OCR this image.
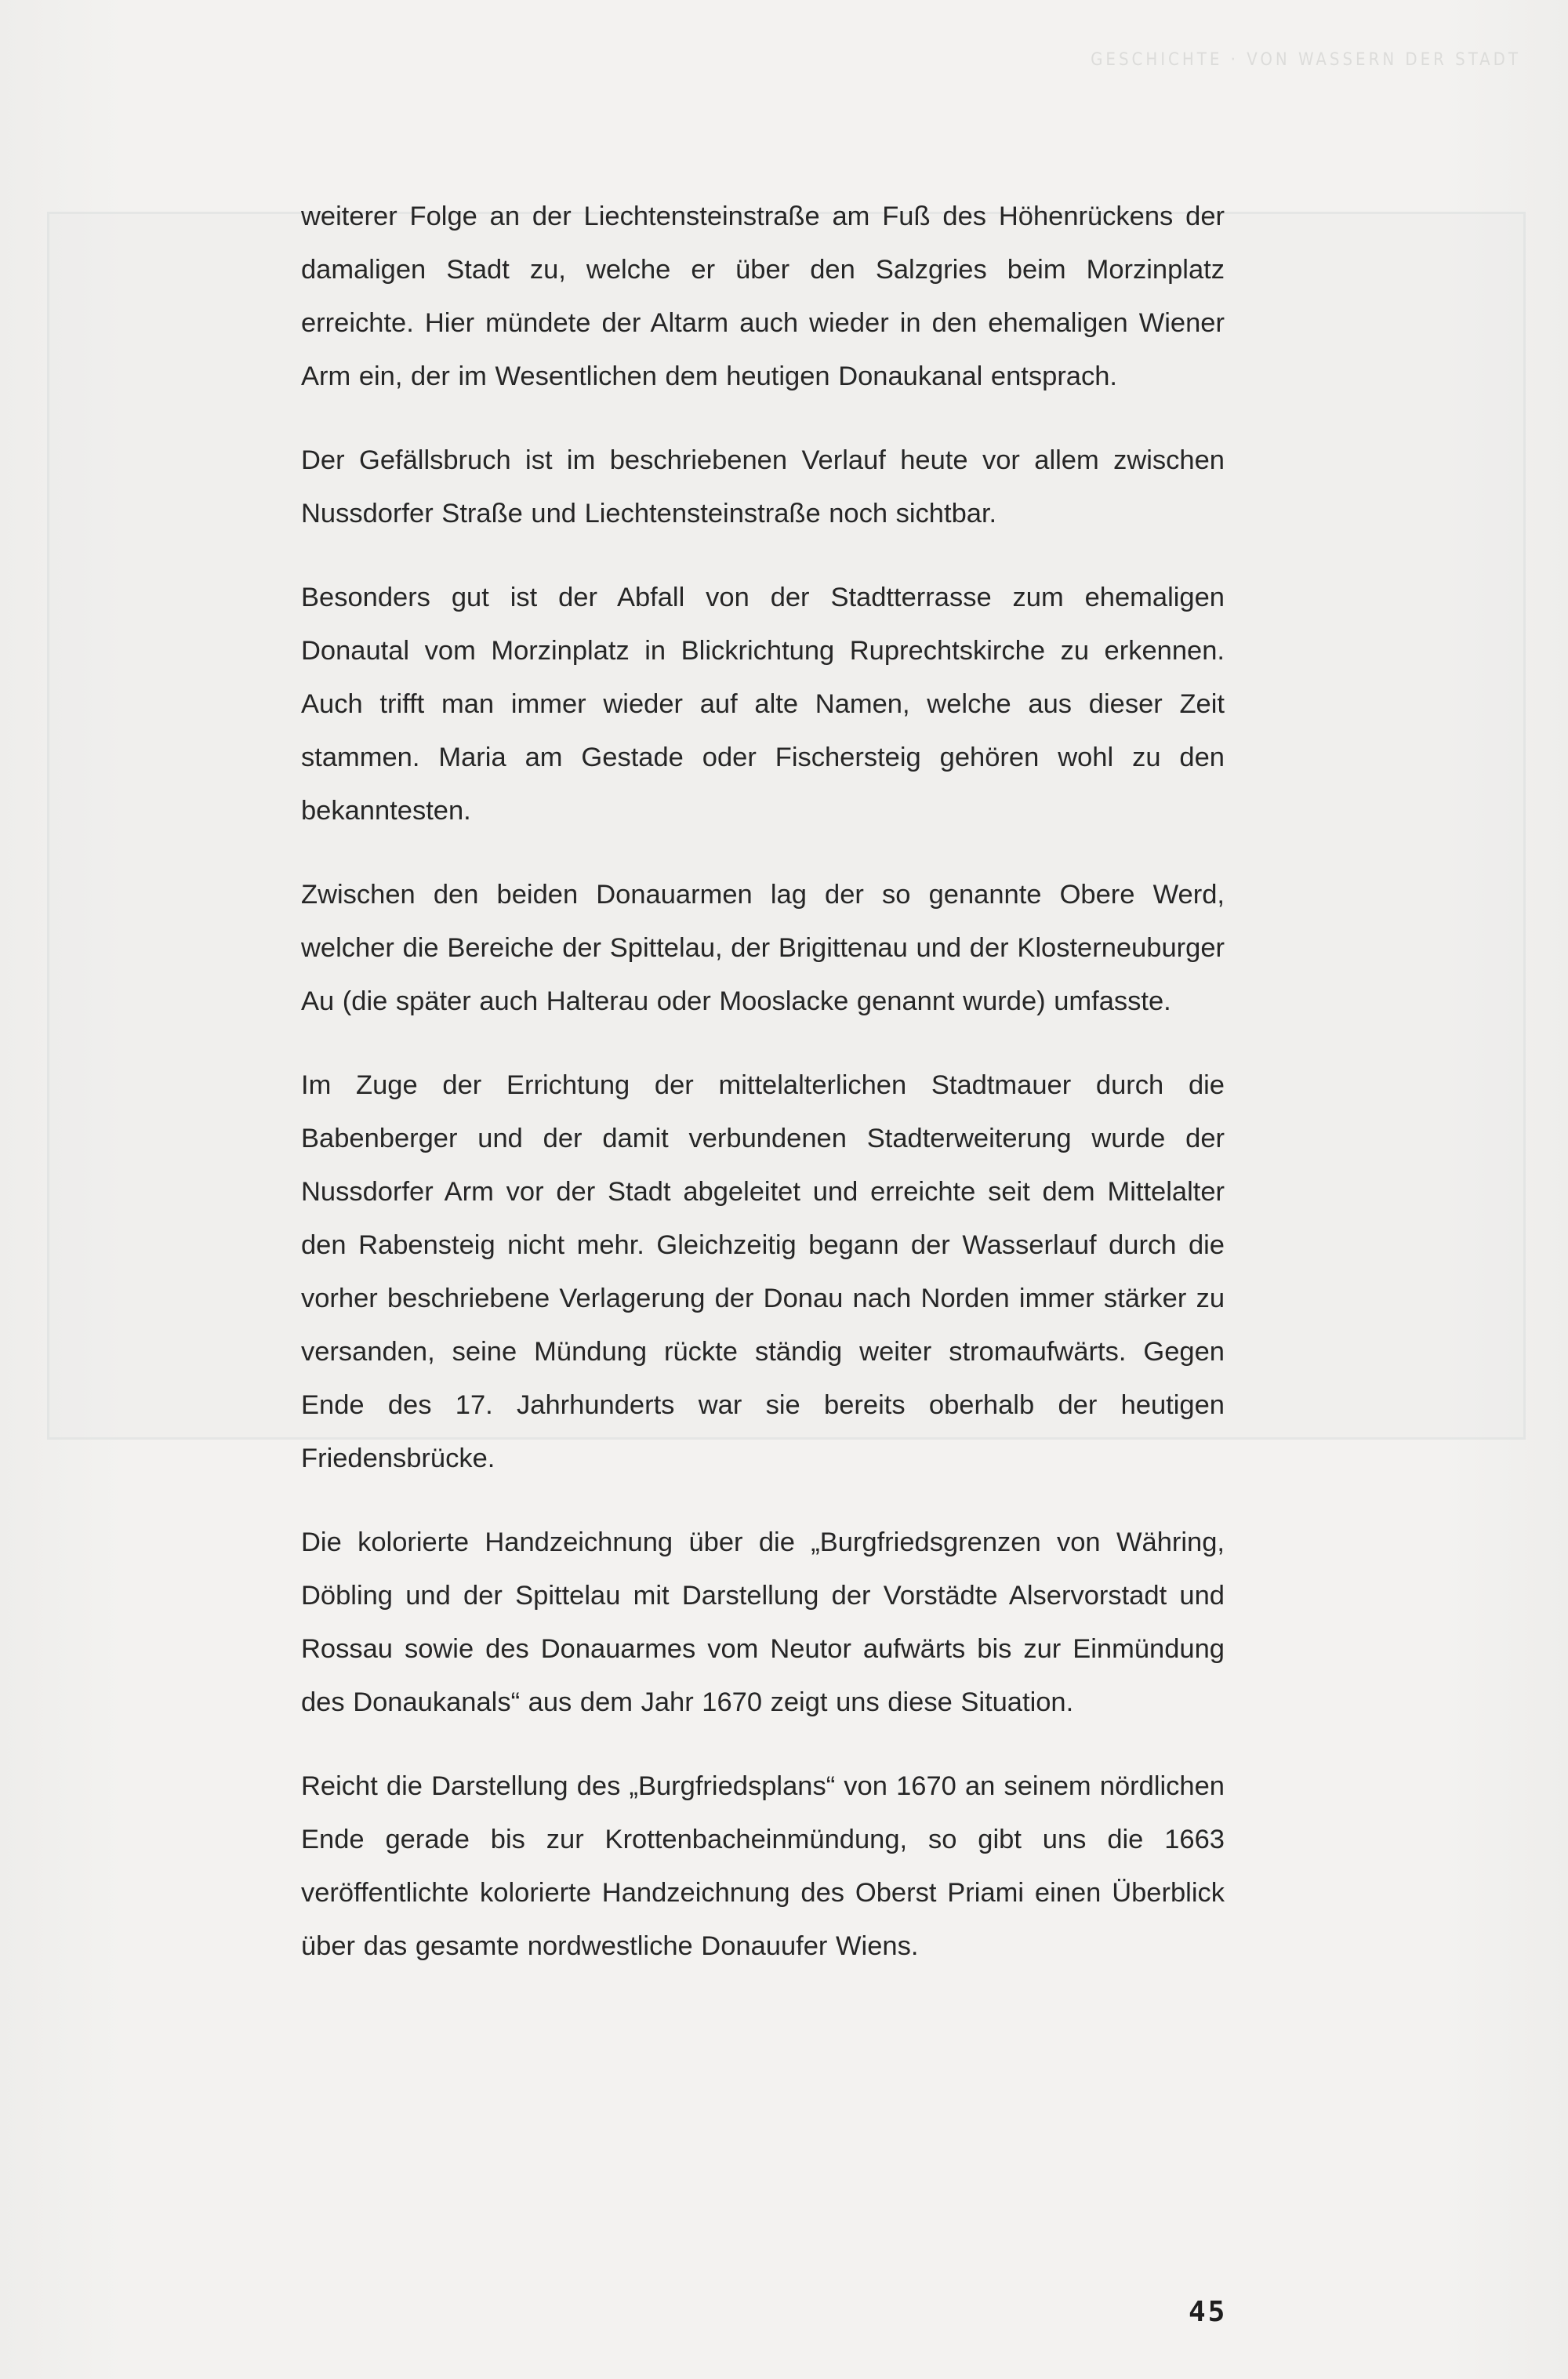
GESCHICHTE · VON WASSERN DER STADT

weiterer Folge an der Liechtensteinstraße am Fuß des Höhenrückens der damaligen Stadt zu, welche er über den Salzgries beim Morzinplatz erreichte. Hier mündete der Altarm auch wieder in den ehemaligen Wiener Arm ein, der im Wesentlichen dem heutigen Donaukanal entsprach.

Der Gefällsbruch ist im beschriebenen Verlauf heute vor allem zwischen Nussdorfer Straße und Liechtensteinstraße noch sichtbar.

Besonders gut ist der Abfall von der Stadtterrasse zum ehemaligen Donautal vom Morzinplatz in Blickrichtung Ruprechtskirche zu erkennen. Auch trifft man immer wieder auf alte Namen, welche aus dieser Zeit stammen. Maria am Gestade oder Fischersteig gehören wohl zu den bekanntesten.

Zwischen den beiden Donauarmen lag der so genannte Obere Werd, welcher die Bereiche der Spittelau, der Brigittenau und der Klosterneuburger Au (die später auch Halterau oder Mooslacke genannt wurde) umfasste.

Im Zuge der Errichtung der mittelalterlichen Stadtmauer durch die Babenberger und der damit verbundenen Stadterweiterung wurde der Nussdorfer Arm vor der Stadt abgeleitet und erreichte seit dem Mittelalter den Rabensteig nicht mehr. Gleichzeitig begann der Wasserlauf durch die vorher beschriebene Verlagerung der Donau nach Norden immer stärker zu versanden, seine Mündung rückte ständig weiter stromaufwärts. Gegen Ende des 17. Jahrhunderts war sie bereits oberhalb der heutigen Friedensbrücke.

Die kolorierte Handzeichnung über die „Burgfriedsgrenzen von Währing, Döbling und der Spittelau mit Darstellung der Vorstädte Alservorstadt und Rossau sowie des Donauarmes vom Neutor aufwärts bis zur Einmündung des Donaukanals“ aus dem Jahr 1670 zeigt uns diese Situation.

Reicht die Darstellung des „Burgfriedsplans“ von 1670 an seinem nördlichen Ende gerade bis zur Krottenbacheinmündung, so gibt uns die 1663 veröffentlichte kolorierte Handzeichnung des Oberst Priami einen Überblick über das gesamte nordwestliche Donauufer Wiens.

45
